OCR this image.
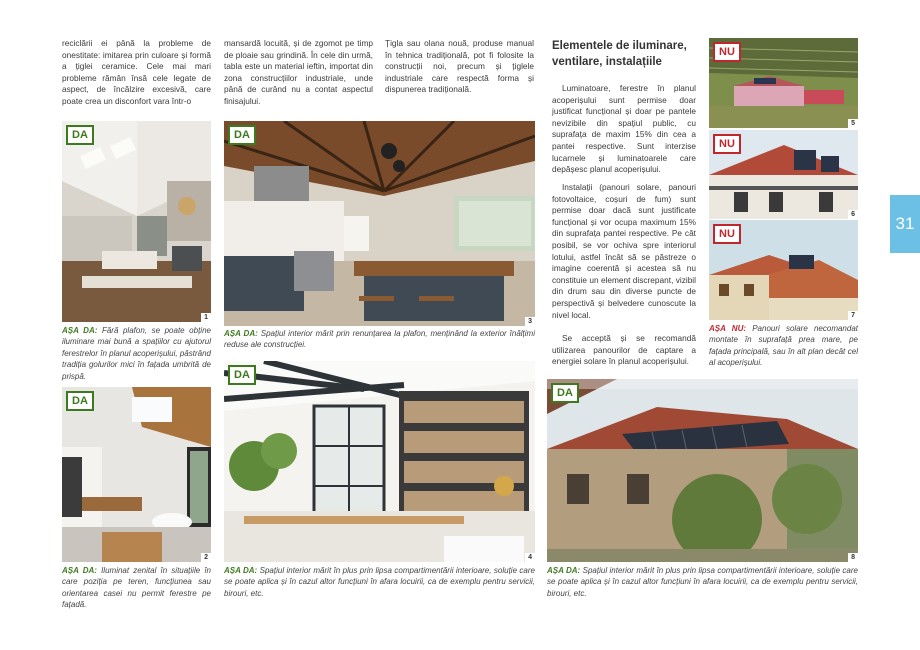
reciclării ei până la probleme de onestitate: imitarea prin culoare și formă a țiglei ceramice. Cele mai mari probleme rămân însă cele legate de aspect, de încălzire excesivă, care poate crea un disconfort vara într-o
mansardă locuită, și de zgomot pe timp de ploaie sau grindină. În cele din urmă, tabla este un material ieftin, importat din zona construcțiilor industriale, unde până de curând nu a contat aspectul finisajului.
Țigla sau olana nouă, produse manual în tehnica tradițională, pot fi folosite la construcții noi, precum și țiglele industriale care respectă forma și dispunerea tradițională.
Elementele de iluminare, ventilare, instalațiile
Luminatoare, ferestre în planul acoperișului sunt permise doar justificat funcțional și doar pe pantele nevizibile din spațiul public, cu suprafața de maxim 15% din cea a pantei respective. Sunt interzise lucarnele și luminatoarele care depășesc planul acoperișului.
Instalații (panouri solare, panouri fotovoltaice, coșuri de fum) sunt permise doar dacă sunt justificate funcțional și vor ocupa maximum 15% din suprafața pantei respective. Pe cât posibil, se vor ochiva spre interiorul lotului, astfel încât să se păstreze o imagine coerentă și acestea să nu constituie un element discrepant, vizibil din drum sau din diverse puncte de perspectivă și belvedere cunoscute la nivel local.
Se acceptă și se recomandă utilizarea panourilor de captare a energiei solare în planul acoperișului.
DA
1
DA
2
DA
3
DA
4
NU
5
NU
6
NU
7
DA
8
AȘA DA: Fără plafon, se poate obține iluminare mai bună a spațiilor cu ajutorul ferestrelor în planul acoperișului, păstrând tradiția golurilor mici în fațada umbrită de prispă.
AȘA DA: Iluminat zenital în situațiile în care poziția pe teren, funcțiunea sau orientarea casei nu permit ferestre pe fațadă.
AȘA DA: Spațiul interior mărit prin renunțarea la plafon, menținând la exterior înălțimi reduse ale construcției.
AȘA DA: Spațiul interior mărit în plus prin lipsa compartimentării interioare, soluție care se poate aplica și în cazul altor funcțiuni în afara locuirii, ca de exemplu pentru servicii, birouri, etc.
AȘA NU: Panouri solare necomandat montate în suprafață prea mare, pe fațada principală, sau în alt plan decât cel al acoperișului.
AȘA DA: Spațiul interior mărit în plus prin lipsa compartimentării interioare, soluție care se poate aplica și în cazul altor funcțiuni în afara locuirii, ca de exemplu pentru servicii, birouri, etc.
31
